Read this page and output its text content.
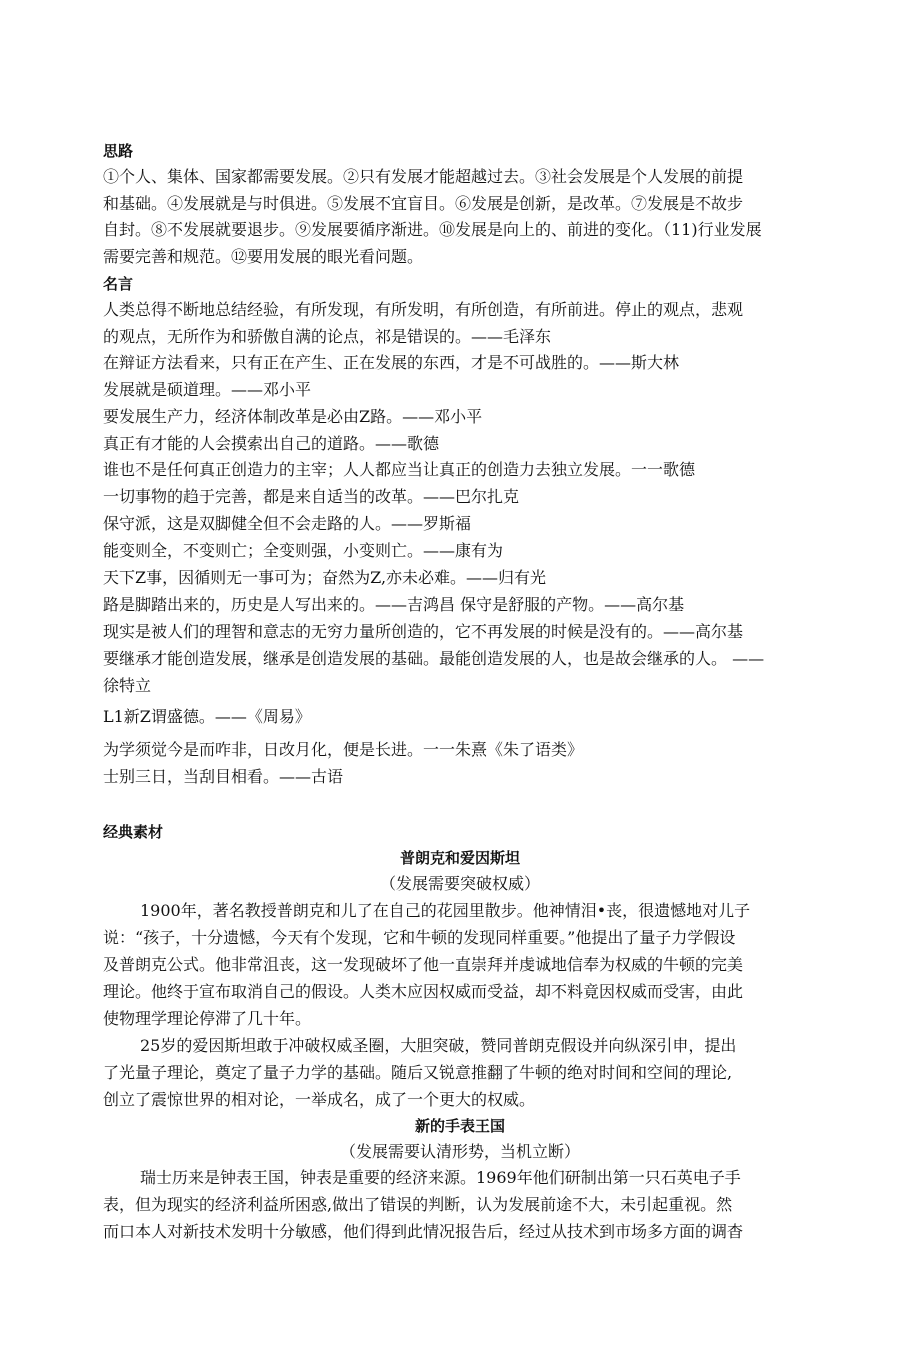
思路
①个人、集体、国家都需要发展。②只有发展才能超越过去。③社会发展是个人发展的前提
和基础。④发展就是与时俱进。⑤发展不宜盲目。⑥发展是创新，是改革。⑦发展是不故步
自封。⑧不发展就要退步。⑨发展要循序渐进。⑩发展是向上的、前进的变化。（11)行业发展
需要完善和规范。⑫要用发展的眼光看问题。
名言
人类总得不断地总结经验，有所发现，有所发明，有所创造，有所前进。停止的观点，悲观
的观点，无所作为和骄傲自满的论点，祁是错误的。——毛泽东
在辩证方法看来，只有正在产生、正在发展的东西，才是不可战胜的。——斯大林
发展就是硕道理。——邓小平
要发展生产力，经济体制改革是必由Z路。——邓小平
真正有才能的人会摸索出自己的道路。——歌德
谁也不是任何真正创造力的主宰；人人都应当让真正的创造力去独立发展。一一歌德
一切事物的趋于完善，都是来自适当的改革。——巴尔扎克
保守派，这是双脚健全但不会走路的人。——罗斯福
能变则全，不变则亡；全变则强，小变则亡。——康有为
天下Z事，因循则无一事可为；奋然为Z,亦未必难。——归有光
路是脚踏出来的，历史是人写出来的。——吉鸿昌 保守是舒服的产物。——高尔基
现实是被人们的理智和意志的无穷力量所创造的，它不再发展的时候是没有的。——高尔基
要继承才能创造发展，继承是创造发展的基础。最能创造发展的人，也是故会继承的人。 ——
徐特立
L1新Z谓盛德。——《周易》
为学须觉今是而咋非，日改月化，便是长进。一一朱熹《朱了语类》
士别三日，当刮目相看。——古语
经典素材
普朗克和爱因斯坦
（发展需要突破权威）
1900年，著名教授普朗克和儿了在自己的花园里散步。他神情泪•丧，很遗憾地对儿子
说：“孩子，十分遗憾，今天有个发现，它和牛顿的发现同样重要。”他提出了量子力学假设
及普朗克公式。他非常沮丧，这一发现破坏了他一直崇拜并虔诚地信奉为权威的牛顿的完美
理论。他终于宣布取消自己的假设。人类木应因权威而受益，却不料竟因权威而受害，由此
使物理学理论停滞了几十年。
25岁的爱因斯坦敢于冲破权威圣圈，大胆突破，赞同普朗克假设并向纵深引申，提出
了光量子理论，奠定了量子力学的基础。随后又锐意推翻了牛顿的绝对时间和空间的理论,
创立了震惊世界的相对论，一举成名，成了一个更大的权威。
新的手表王国
（发展需要认清形势，当机立断）
瑞士历来是钟表王国，钟表是重要的经济来源。1969年他们研制出第一只石英电子手
表，但为现实的经济利益所困惑,做出了错误的判断，认为发展前途不大，未引起重视。然
而口本人对新技术发明十分敏感，他们得到此情况报告后，经过从技术到市场多方面的调杳
